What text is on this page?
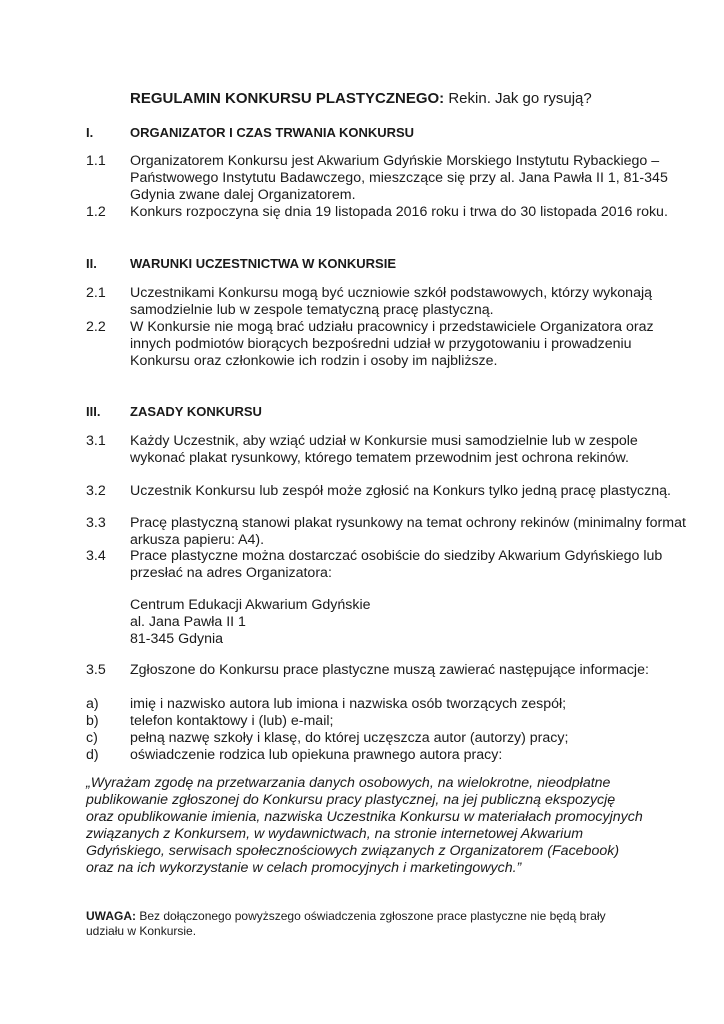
REGULAMIN KONKURSU PLASTYCZNEGO: Rekin. Jak go rysują?
I.	ORGANIZATOR I CZAS TRWANIA KONKURSU
1.1 Organizatorem Konkursu jest Akwarium Gdyńskie Morskiego Instytutu Rybackiego – Państwowego Instytutu Badawczego, mieszczące się przy al. Jana Pawła II 1, 81-345 Gdynia zwane dalej Organizatorem.
1.2 Konkurs rozpoczyna się dnia 19 listopada 2016 roku i trwa do 30 listopada 2016 roku.
II.	WARUNKI UCZESTNICTWA W KONKURSIE
2.1 Uczestnikami Konkursu mogą być uczniowie szkół podstawowych, którzy wykonają samodzielnie lub w zespole tematyczną pracę plastyczną.
2.2 W Konkursie nie mogą brać udziału pracownicy i przedstawiciele Organizatora oraz innych podmiotów biorących bezpośredni udział w przygotowaniu i prowadzeniu Konkursu oraz członkowie ich rodzin i osoby im najbliższe.
III. ZASADY KONKURSU
3.1 Każdy Uczestnik, aby wziąć udział w Konkursie musi samodzielnie lub w zespole wykonać plakat rysunkowy, którego tematem przewodnim jest ochrona rekinów.
3.2 Uczestnik Konkursu lub zespół może zgłosić na Konkurs tylko jedną pracę plastyczną.
3.3 Pracę plastyczną stanowi plakat rysunkowy na temat ochrony rekinów (minimalny format arkusza papieru: A4).
3.4 Prace plastyczne można dostarczać osobiście do siedziby Akwarium Gdyńskiego lub przesłać na adres Organizatora:
Centrum Edukacji Akwarium Gdyńskie
al. Jana Pawła II 1
81-345 Gdynia
3.5 Zgłoszone do Konkursu prace plastyczne muszą zawierać następujące informacje:
a) imię i nazwisko autora lub imiona i nazwiska osób tworzących zespół;
b) telefon kontaktowy i (lub) e-mail;
c) pełną nazwę szkoły i klasę, do której uczęszcza autor (autorzy) pracy;
d) oświadczenie rodzica lub opiekuna prawnego autora pracy:
„Wyrażam zgodę na przetwarzania danych osobowych, na wielokrotne, nieodpłatne publikowanie zgłoszonej do Konkursu pracy plastycznej, na jej publiczną ekspozycję oraz opublikowanie imienia, nazwiska Uczestnika Konkursu w materiałach promocyjnych związanych z Konkursem, w wydawnictwach, na stronie internetowej Akwarium Gdyńskiego, serwisach społecznościowych związanych z Organizatorem (Facebook) oraz na ich wykorzystanie w celach promocyjnych i marketingowych.”
UWAGA: Bez dołączonego powyższego oświadczenia zgłoszone prace plastyczne nie będą brały udziału w Konkursie.
